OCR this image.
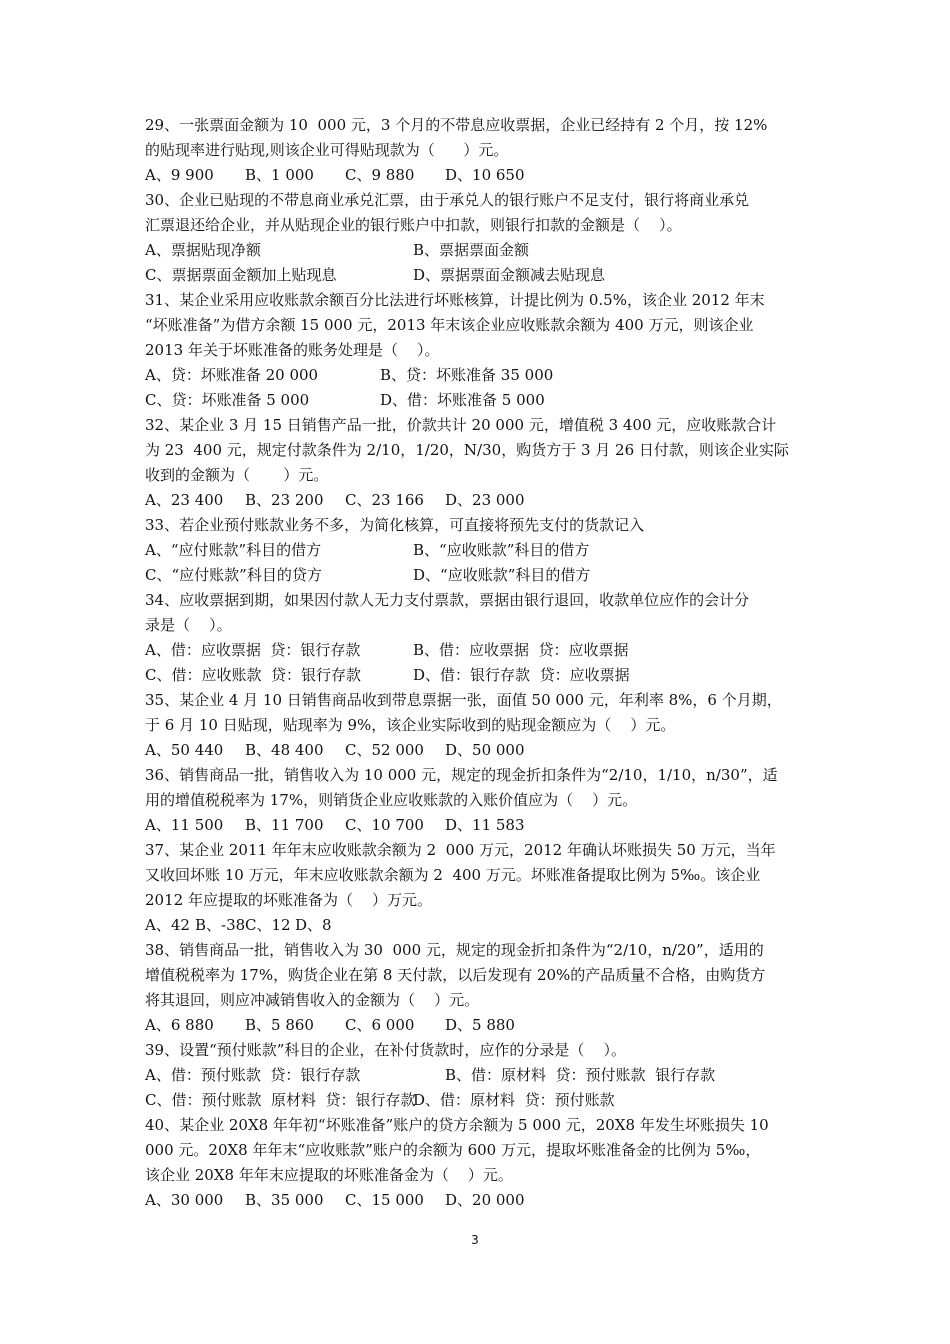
29、一张票面金额为 10  000 元，3 个月的不带息应收票据，企业已经持有 2 个月，按 12%
的贴现率进行贴现,则该企业可得贴现款为（      ）元。
A、9 900	B、1 000	C、9 880	D、10 650
30、企业已贴现的不带息商业承兑汇票，由于承兑人的银行账户不足支付，银行将商业承兑
汇票退还给企业，并从贴现企业的银行账户中扣款，则银行扣款的金额是（    ）。
A、票据贴现净额	B、票据票面金额
C、票据票面金额加上贴现息	D、票据票面金额减去贴现息
31、某企业采用应收账款余额百分比法进行坏账核算，计提比例为 0.5%，该企业 2012 年末
“坏账准备”为借方余额 15 000 元，2013 年末该企业应收账款余额为 400 万元，则该企业
2013 年关于坏账准备的账务处理是（    ）。
A、贷：坏账准备 20 000	B、贷：坏账准备 35 000
C、贷：坏账准备 5 000	D、借：坏账准备 5 000
32、某企业 3 月 15 日销售产品一批，价款共计 20 000 元，增值税 3 400 元，应收账款合计
为 23  400 元，规定付款条件为 2/10，1/20，N/30，购货方于 3 月 26 日付款，则该企业实际
收到的金额为（       ）元。
A、23 400	B、23 200	C、23 166	D、23 000
33、若企业预付账款业务不多，为简化核算，可直接将预先支付的货款记入
A、“应付账款”科目的借方	B、“应收账款”科目的借方
C、“应付账款”科目的贷方	D、“应收账款”科目的借方
34、应收票据到期，如果因付款人无力支付票款，票据由银行退回，收款单位应作的会计分
录是（    ）。
A、借：应收票据  贷：银行存款	B、借：应收票据  贷：应收票据
C、借：应收账款  贷：银行存款	D、借：银行存款  贷：应收票据
35、某企业 4 月 10 日销售商品收到带息票据一张，面值 50 000 元，年利率 8%，6 个月期，
于 6 月 10 日贴现，贴现率为 9%，该企业实际收到的贴现金额应为（    ）元。
A、50 440	B、48 400	C、52 000	D、50 000
36、销售商品一批，销售收入为 10 000 元，规定的现金折扣条件为“2/10，1/10，n/30”，适
用的增值税税率为 17%，则销货企业应收账款的入账价值应为（    ）元。
A、11 500	B、11 700	C、10 700	D、11 583
37、某企业 2011 年年末应收账款余额为 2  000 万元，2012 年确认坏账损失 50 万元，当年
又收回坏账 10 万元，年末应收账款余额为 2  400 万元。坏账准备提取比例为 5‰。该企业
2012 年应提取的坏账准备为（    ）万元。
A、42 B、-38 C、12 D、8
38、销售商品一批，销售收入为 30  000 元，规定的现金折扣条件为“2/10，n/20”，适用的
增值税税率为 17%，购货企业在第 8 天付款，以后发现有 20%的产品质量不合格，由购货方
将其退回，则应冲减销售收入的金额为（    ）元。
A、6 880	B、5 860	C、6 000	D、5 880
39、设置“预付账款”科目的企业，在补付货款时，应作的分录是（    ）。
A、借：预付账款  贷：银行存款	B、借：原材料  贷：预付账款  银行存款
C、借：预付账款  原材料  贷：银行存款
D、借：原材料  贷：预付账款
40、某企业 20X8 年年初“坏账准备”账户的贷方余额为 5 000 元，20X8 年发生坏账损失 10
000 元。20X8 年年末“应收账款”账户的余额为 600 万元，提取坏账准备金的比例为 5‰，
该企业 20X8 年年末应提取的坏账准备金为（    ）元。
A、30 000	B、35 000	C、15 000	D、20 000
3
